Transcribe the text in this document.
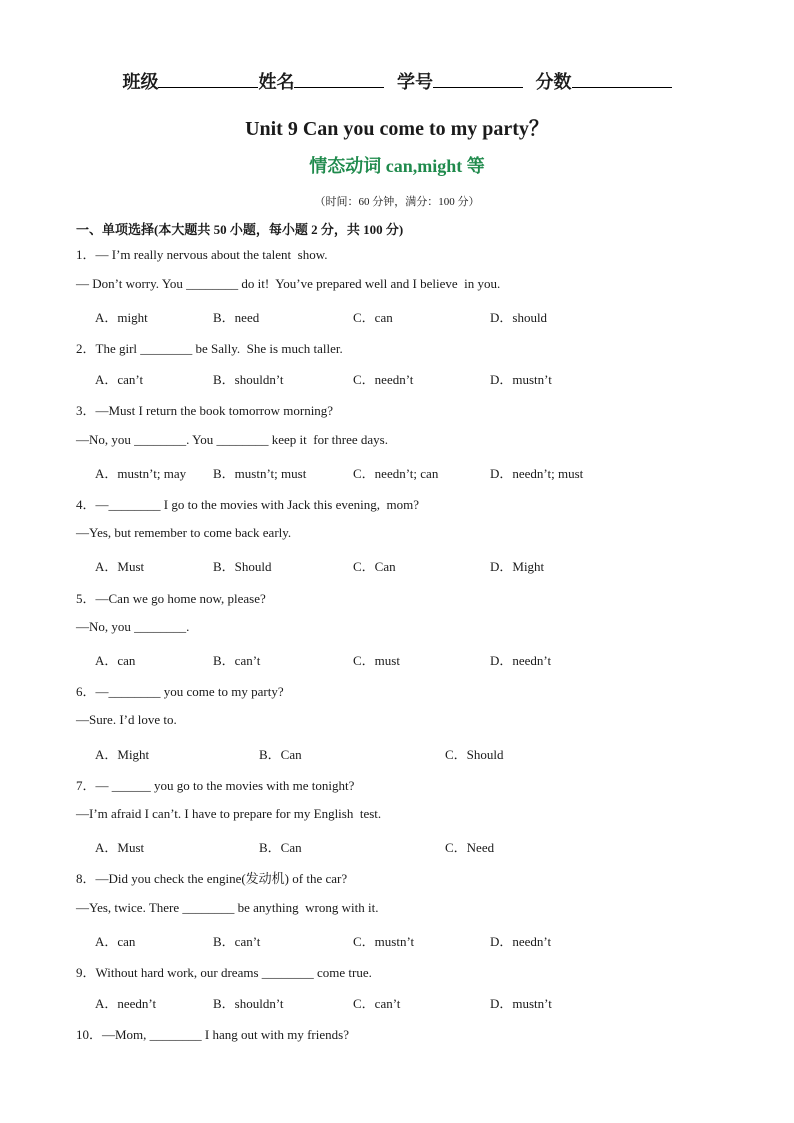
班级	姓名	学号	分数
Unit 9 Can you come to my party？
情态动词 can,might 等
（时间：60 分钟，满分：100 分）
一、单项选择(本大题共 50 小题，每小题 2 分，共 100 分)
1．— I’m really nervous about the talent  show.
— Don’t worry. You ________ do it!  You’ve prepared well and I believe  in you.
A．might	B．need	C．can	D．should
2．The girl ________ be Sally.  She is much taller.
A．can’t	B．shouldn’t	C．needn’t	D．mustn’t
3．—Must I return the book tomorrow morning?
—No, you ________. You ________ keep it  for three days.
A．mustn’t; may B．mustn’t; must	C．needn’t; can	D．needn’t; must
4．—________ I go to the movies with Jack this evening,  mom?
—Yes, but remember to come back early.
A．Must	B．Should	C．Can	D．Might
5．—Can we go home now, please?
—No, you ________.
A．can	B．can’t	C．must	D．needn’t
6．—________ you come to my party?
—Sure. I’d love to.
A．Might	B．Can	C．Should
7．— ______ you go to the movies with me tonight?
—I’m afraid I can’t. I have to prepare for my English  test.
A．Must	B．Can	C．Need
8．—Did you check the engine(发动机) of the car?
—Yes, twice. There ________ be anything  wrong with it.
A．can	B．can’t	C．mustn’t	D．needn’t
9．Without hard work, our dreams ________ come true.
A．needn’t	B．shouldn’t	C．can’t	D．mustn’t
10．—Mom, ________ I hang out with my friends?
